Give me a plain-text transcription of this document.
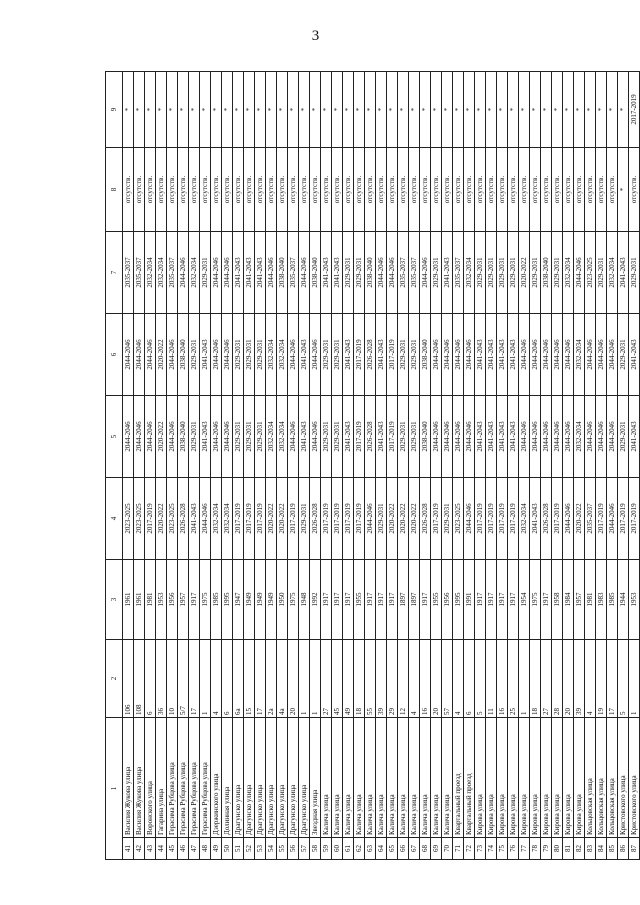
3
1		2	3	4	5	6	7	8	9
41	Василия Жукова улица	106	1961	2023-2025	2044-2046	2044-2046	2035-2037	отсутств.	*
42	Василия Жукова улица	108	1961	2023-2025	2044-2046	2044-2046	2035-2037	отсутств.	*
43	Воронского улица	6	1981	2017-2019	2044-2046	2044-2046	2032-2034	отсутств.	*
44	Гагарина улица	36	1953	2020-2022	2020-2022	2020-2022	2032-2034	отсутств.	*
45	Герасима Рубцова улица	10	1956	2023-2025	2044-2046	2044-2046	2035-2037	отсутств.	*
46	Герасима Рубцова улица	5/7	1957	2026-2028	2038-2040	2038-2040	2044-2046	отсутств.	*
47	Герасима Рубцова улица	17	1917	2041-2043	2029-2031	2029-2031	2032-2034	отсутств.	*
48	Герасима Рубцова улица	1	1975	2044-2046	2041-2043	2041-2043	2029-2031	отсутств.	*
49	Дзержинского улица	4	1985	2032-2034	2044-2046	2044-2046	2044-2046	отсутств.	*
50	Долинная улица	6	1995	2032-2034	2044-2046	2044-2046	2044-2046	отсутств.	*
51	Драгунско улица	6а	1947	2017-2019	2029-2031	2029-2031	2041-2043	отсутств.	*
52	Драгунско улица	15	1949	2017-2019	2029-2031	2029-2031	2041-2043	отсутств.	*
53	Драгунско улица	17	1949	2017-2019	2029-2031	2029-2031	2041-2043	отсутств.	*
54	Драгунско улица	2а	1949	2020-2022	2032-2034	2032-2034	2044-2046	отсутств.	*
55	Драгунско улица	4а	1950	2020-2022	2032-2034	2032-2034	2038-2040	отсутств.	*
56	Драгунско улица	20	1975	2017-2019	2044-2046	2044-2046	2035-2037	отсутств.	*
57	Драгунско улица	1	1948	2029-2031	2041-2043	2041-2043	2044-2046	отсутств.	*
58	Звездная улица	1	1992	2026-2028	2044-2046	2044-2046	2038-2040	отсутств.	*
59	Калича улица	27	1917	2017-2019	2029-2031	2029-2031	2041-2043	отсутств.	*
60	Калича улица	45	1917	2017-2019	2029-2031	2029-2031	2041-2043	отсутств.	*
61	Калича улица	49	1917	2017-2019	2041-2043	2041-2043	2029-2031	отсутств.	*
62	Калича улица	18	1955	2017-2019	2017-2019	2017-2019	2029-2031	отсутств.	*
63	Калича улица	55	1917	2044-2046	2026-2028	2026-2028	2038-2040	отсутств.	*
64	Калича улица	39	1917	2029-2031	2041-2043	2041-2043	2044-2046	отсутств.	*
65	Калича улица	29	1917	2020-2022	2017-2019	2017-2019	2044-2046	отсутств.	*
66	Калича улица	12	1897	2020-2022	2029-2031	2029-2031	2035-2037	отсутств.	*
67	Калича улица	4	1897	2020-2022	2029-2031	2029-2031	2035-2037	отсутств.	*
68	Калича улица	16	1917	2026-2028	2038-2040	2038-2040	2044-2046	отсутств.	*
69	Калича улица	20	1955	2017-2019	2044-2046	2044-2046	2029-2031	отсутств.	*
70	Калича улица	57	1956	2029-2031	2044-2046	2044-2046	2041-2043	отсутств.	*
71	Квартальный проезд	4	1995	2023-2025	2044-2046	2044-2046	2035-2037	отсутств.	*
72	Квартальный проезд	6	1991	2044-2046	2044-2046	2044-2046	2032-2034	отсутств.	*
73	Кирова улица	5	1917	2017-2019	2041-2043	2041-2043	2029-2031	отсутств.	*
74	Кирова улица	11	1917	2017-2019	2041-2043	2041-2043	2029-2031	отсутств.	*
75	Кирова улица	16	1917	2017-2019	2041-2043	2041-2043	2029-2031	отсутств.	*
76	Кирова улица	25	1917	2017-2019	2041-2043	2041-2043	2029-2031	отсутств.	*
77	Кирова улица	1	1954	2032-2034	2044-2046	2044-2046	2020-2022	отсутств.	*
78	Кирова улица	18	1975	2041-2043	2044-2046	2044-2046	2029-2031	отсутств.	*
79	Кирова улица	27	1917	2026-2028	2044-2046	2044-2046	2038-2040	отсутств.	*
80	Кирова улица	28	1958	2017-2019	2044-2046	2044-2046	2029-2031	отсутств.	*
81	Кирова улица	20	1984	2044-2046	2044-2046	2044-2046	2032-2034	отсутств.	*
82	Кирова улица	39	1957	2020-2022	2032-2034	2032-2034	2044-2046	отсутств.	*
83	Кольцовская улица	4	1981	2035-2037	2044-2046	2044-2046	2023-2025	отсутств.	*
84	Кольцовская улица	19	1983	2017-2019	2044-2046	2044-2046	2029-2031	отсутств.	*
85	Кольцовская улица	17	1985	2044-2046	2044-2046	2044-2046	2032-2034	отсутств.	*
86	Кристовского улица	5	1944	2017-2019	2029-2031	2029-2031	2041-2043	*	*
87	Кристовского улица	1	1953	2017-2019	2041-2043	2041-2043	2029-2031	отсутств.	2017-2019
